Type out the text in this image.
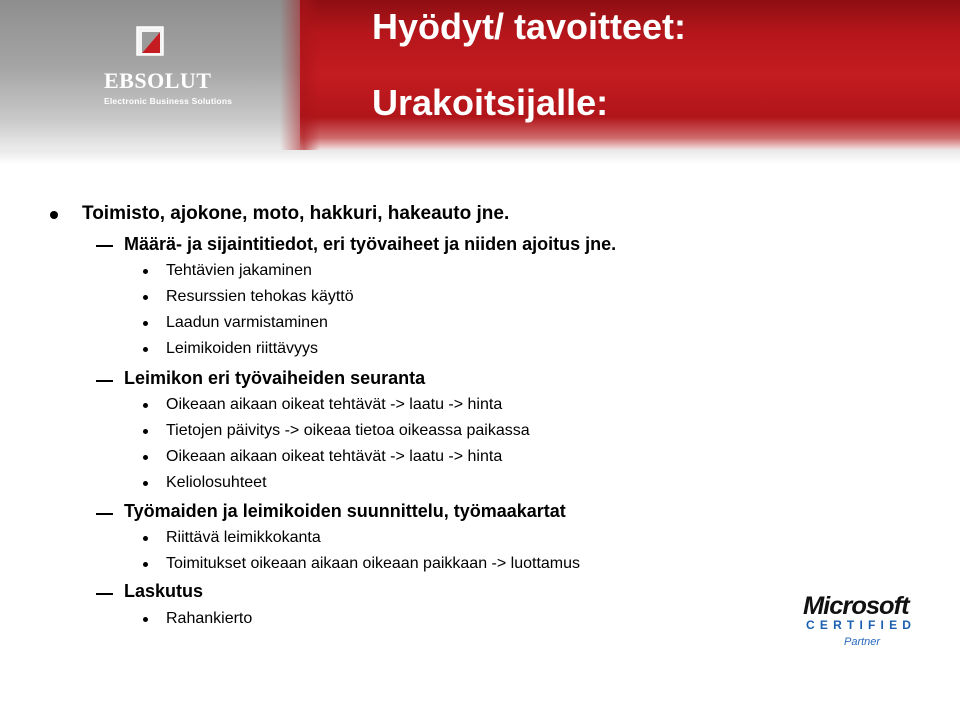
EBSOLUT
Electronic Business Solutions
Hyödyt/ tavoitteet:
Urakoitsijalle:
Toimisto, ajokone, moto, hakkuri, hakeauto jne.
Määrä- ja sijaintitiedot, eri työvaiheet ja niiden ajoitus jne.
Tehtävien jakaminen
Resurssien tehokas käyttö
Laadun varmistaminen
Leimikoiden riittävyys
Leimikon eri työvaiheiden seuranta
Oikeaan aikaan oikeat tehtävät -> laatu -> hinta
Tietojen päivitys -> oikeaa tietoa oikeassa paikassa
Oikeaan aikaan oikeat tehtävät -> laatu -> hinta
Keliolosuhteet
Työmaiden ja leimikoiden suunnittelu, työmaakartat
Riittävä leimikkokanta
Toimitukset oikeaan aikaan oikeaan paikkaan -> luottamus
Laskutus
Rahankierto	Microsoft
CERTIFIED
Partner
